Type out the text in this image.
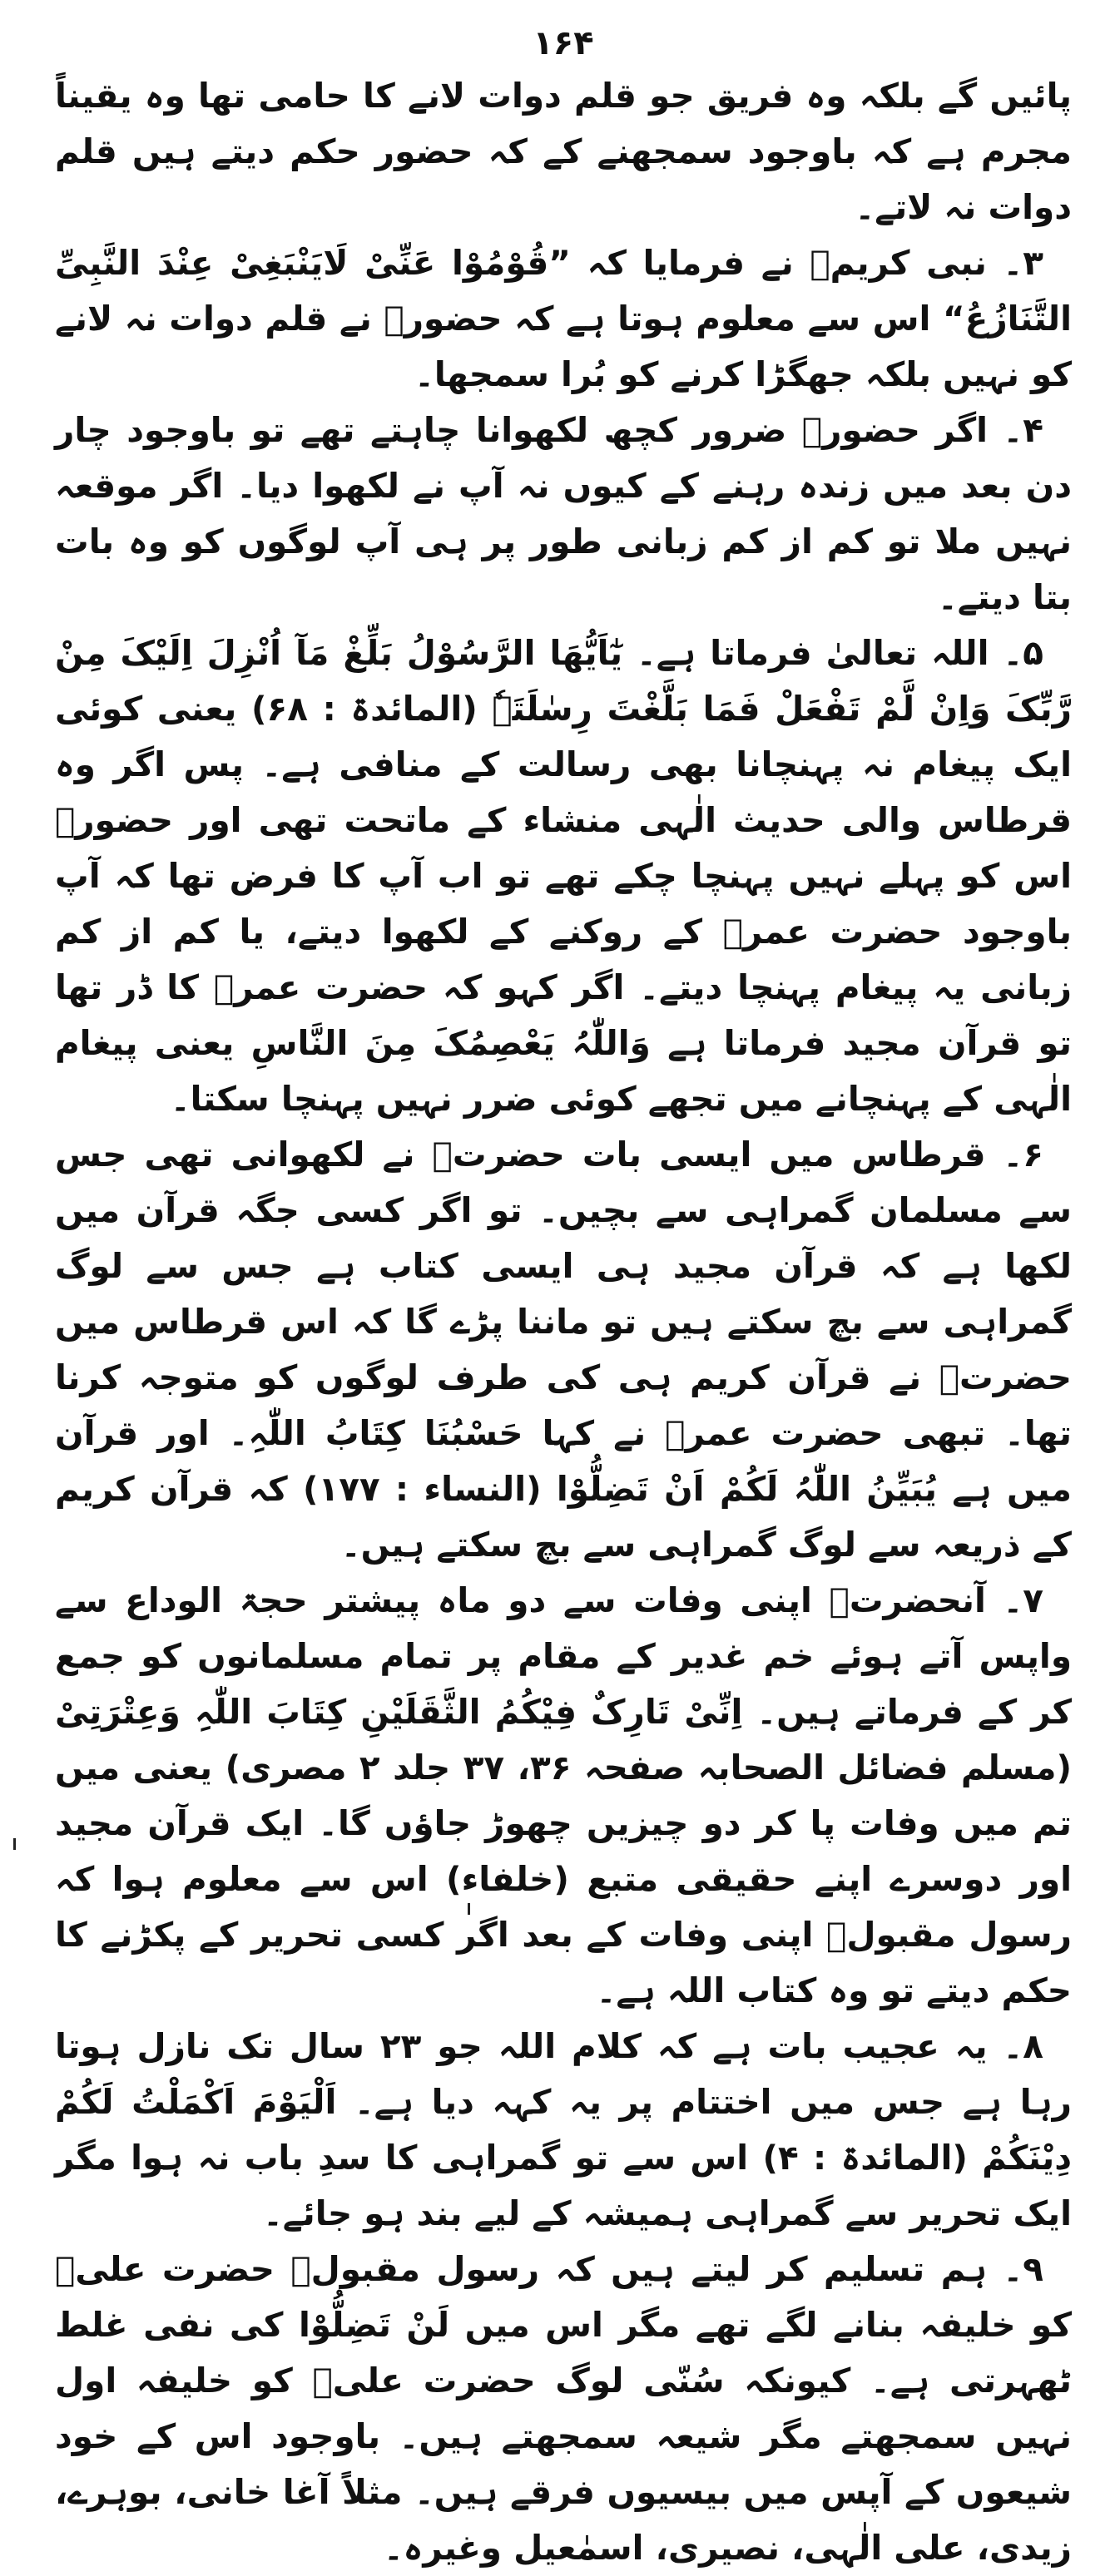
۱۶۴

پائیں گے بلکہ وہ فریق جو قلم دوات لانے کا حامی تھا وہ یقیناً مجرم ہے کہ باوجود سمجھنے کے کہ حضور حکم دیتے ہیں قلم دوات نہ لاتے۔

۳۔ نبی کریمؐ نے فرمایا کہ ”قُوْمُوْا عَنِّیْ لَایَنْبَغِیْ عِنْدَ النَّبِیِّ التَّنَازُعُ“ اس سے معلوم ہوتا ہے کہ حضورؐ نے قلم دوات نہ لانے کو نہیں بلکہ جھگڑا کرنے کو بُرا سمجھا۔

۴۔ اگر حضورؐ ضرور کچھ لکھوانا چاہتے تھے تو باوجود چار دن بعد میں زندہ رہنے کے کیوں نہ آپ نے لکھوا دیا۔ اگر موقعہ نہیں ملا تو کم از کم زبانی طور پر ہی آپ لوگوں کو وہ بات بتا دیتے۔

۵۔ اللہ تعالیٰ فرماتا ہے۔ یٰٓاَیُّھَا الرَّسُوْلُ بَلِّغْ مَآ اُنْزِلَ اِلَیْکَ مِنْ رَّبِّکَ وَاِنْ لَّمْ تَفْعَلْ فَمَا بَلَّغْتَ رِسٰلَتَہٗ (المائدۃ : ۶۸) یعنی کوئی ایک پیغام نہ پہنچانا بھی رسالت کے منافی ہے۔ پس اگر وہ قرطاس والی حدیث الٰہی منشاء کے ماتحت تھی اور حضورؐ اس کو پہلے نہیں پہنچا چکے تھے تو اب آپ کا فرض تھا کہ آپ باوجود حضرت عمرؓ کے روکنے کے لکھوا دیتے، یا کم از کم زبانی یہ پیغام پہنچا دیتے۔ اگر کہو کہ حضرت عمرؓ کا ڈر تھا تو قرآن مجید فرماتا ہے وَاللّٰہُ یَعْصِمُکَ مِنَ النَّاسِ یعنی پیغام الٰہی کے پہنچانے میں تجھے کوئی ضرر نہیں پہنچا سکتا۔

۶۔ قرطاس میں ایسی بات حضرتؐ نے لکھوانی تھی جس سے مسلمان گمراہی سے بچیں۔ تو اگر کسی جگہ قرآن میں لکھا ہے کہ قرآن مجید ہی ایسی کتاب ہے جس سے لوگ گمراہی سے بچ سکتے ہیں تو ماننا پڑے گا کہ اس قرطاس میں حضرتؐ نے قرآن کریم ہی کی طرف لوگوں کو متوجہ کرنا تھا۔ تبھی حضرت عمرؓ نے کہا حَسْبُنَا کِتَابُ اللّٰہِ۔ اور قرآن میں ہے یُبَیِّنُ اللّٰہُ لَکُمْ اَنْ تَضِلُّوْا (النساء : ۱۷۷) کہ قرآن کریم کے ذریعہ سے لوگ گمراہی سے بچ سکتے ہیں۔

۷۔ آنحضرتؐ اپنی وفات سے دو ماہ پیشتر حجۃ الوداع سے واپس آتے ہوئے خم غدیر کے مقام پر تمام مسلمانوں کو جمع کر کے فرماتے ہیں۔ اِنِّیْ تَارِکٌ فِیْکُمُ الثَّقَلَیْنِ کِتَابَ اللّٰہِ وَعِتْرَتِیْ (مسلم فضائل الصحابہ صفحہ ۳۶، ۳۷ جلد ۲ مصری) یعنی میں تم میں وفات پا کر دو چیزیں چھوڑ جاؤں گا۔ ایک قرآن مجید اور دوسرے اپنے حقیقی متبع (خلفاء) اس سے معلوم ہوا کہ رسول مقبولؐ اپنی وفات کے بعد اگر کسی تحریر کے پکڑنے کا حکم دیتے تو وہ کتاب اللہ ہے۔

۸۔ یہ عجیب بات ہے کہ کلام اللہ جو ۲۳ سال تک نازل ہوتا رہا ہے جس میں اختتام پر یہ کہہ دیا ہے۔ اَلْیَوْمَ اَکْمَلْتُ لَکُمْ دِیْنَکُمْ (المائدۃ : ۴) اس سے تو گمراہی کا سدِ باب نہ ہوا مگر ایک تحریر سے گمراہی ہمیشہ کے لیے بند ہو جائے۔

۹۔ ہم تسلیم کر لیتے ہیں کہ رسول مقبولؐ حضرت علیؓ کو خلیفہ بنانے لگے تھے مگر اس میں لَنْ تَضِلُّوْا کی نفی غلط ٹھہرتی ہے۔ کیونکہ سُنّی لوگ حضرت علیؓ کو خلیفہ اول نہیں سمجھتے مگر شیعہ سمجھتے ہیں۔ باوجود اس کے خود شیعوں کے آپس میں بیسیوں فرقے ہیں۔ مثلاً آغا خانی، بوہرے، زیدی، علی الٰہی، نصیری، اسمٰعیل وغیرہ۔
